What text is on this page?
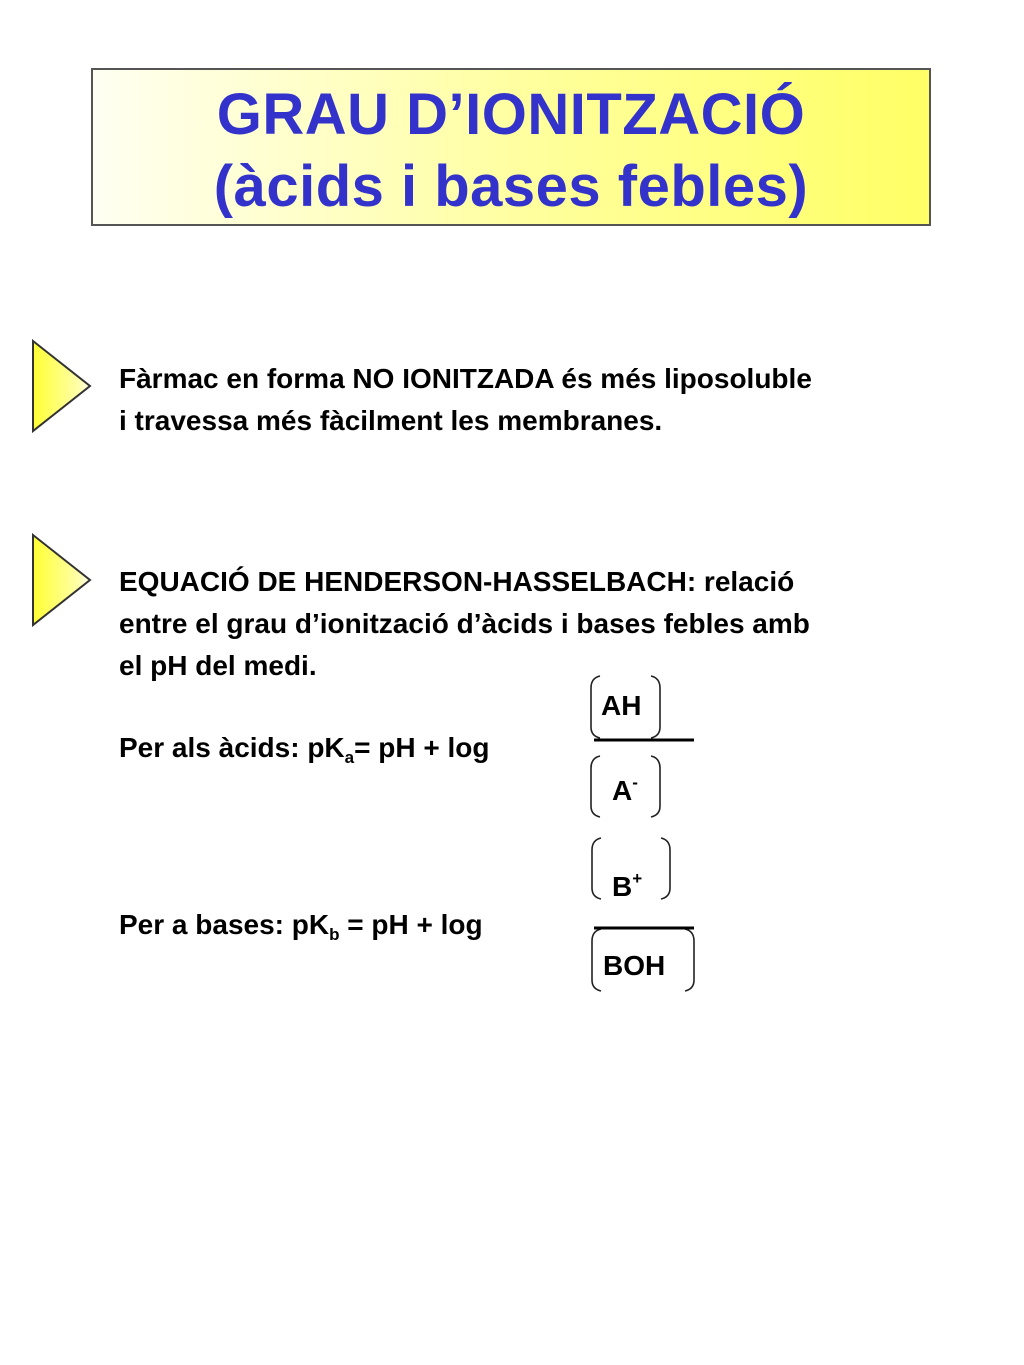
GRAU D’IONITZACIÓ
(àcids i bases febles)
Fàrmac en forma NO IONITZADA és més liposoluble
i travessa més fàcilment les membranes.
EQUACIÓ DE HENDERSON-HASSELBACH: relació
entre el grau d’ionització d’àcids i bases febles amb
el pH del medi.
Per als àcids: $pK_a=$ pH + log
AH
A-
Per a bases: $pK_b$ = pH + log
B+
BOH
